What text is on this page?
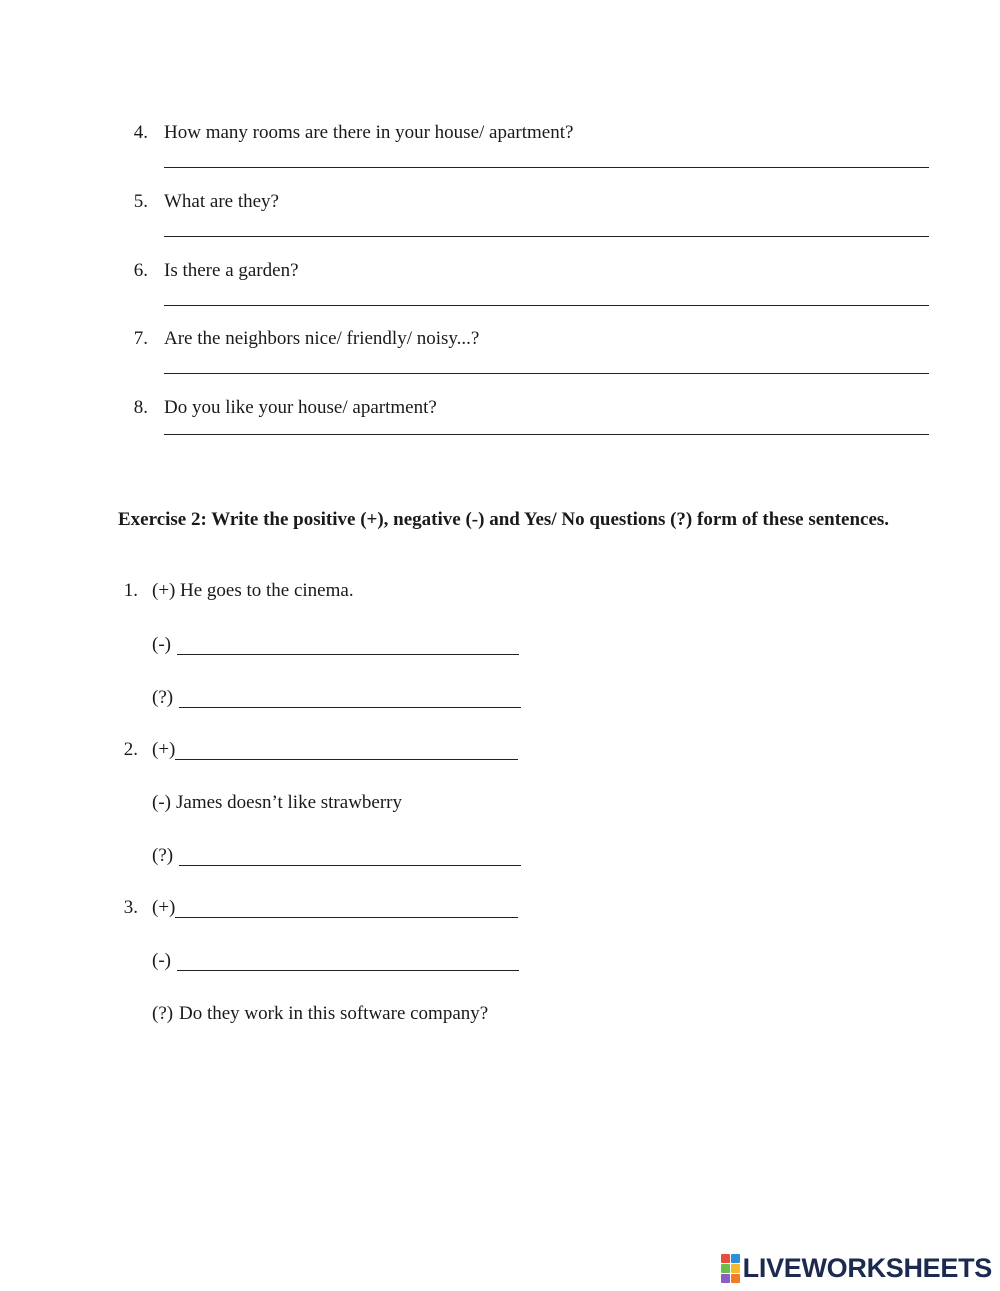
4. How many rooms are there in your house/ apartment?
5. What are they?
6. Is there a garden?
7. Are the neighbors nice/ friendly/ noisy...?
8. Do you like your house/ apartment?
Exercise 2: Write the positive (+), negative (-) and Yes/ No questions (?) form of these sentences.
1. (+) He goes to the cinema.
(-)
(?)
2. (+)
(-) James doesn’t like strawberry
(?)
3. (+)
(-)
(?) Do they work in this software company?
LIVEWORKSHEETS
